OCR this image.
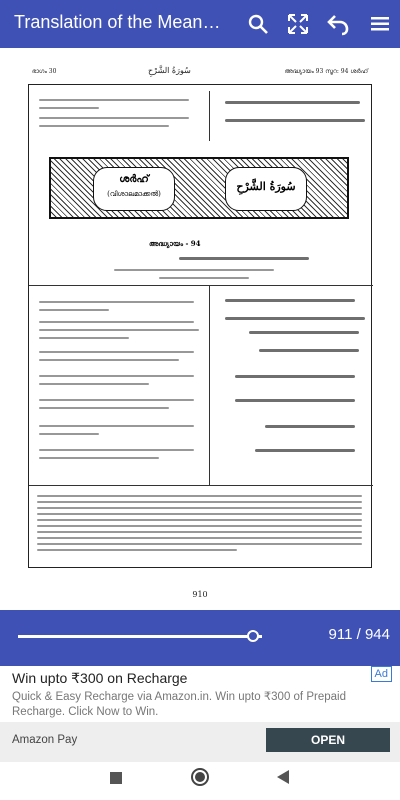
Translation of the Mean…
ഭാഗം 30	سُورَةُ الشَّرْحِ	അദ്ധ്യായം 93 സൂറ: 94 ശർഹ്
ശർഹ്
(വിശാലമാക്കൽ)
سُورَةُ الشَّرْحِ
അദ്ധ്യായം - 94
910
911 / 944
Win upto ₹300 on Recharge	Ad
Quick & Easy Recharge via Amazon.in. Win upto ₹300 of Prepaid Recharge. Click Now to Win.
Amazon Pay	OPEN
